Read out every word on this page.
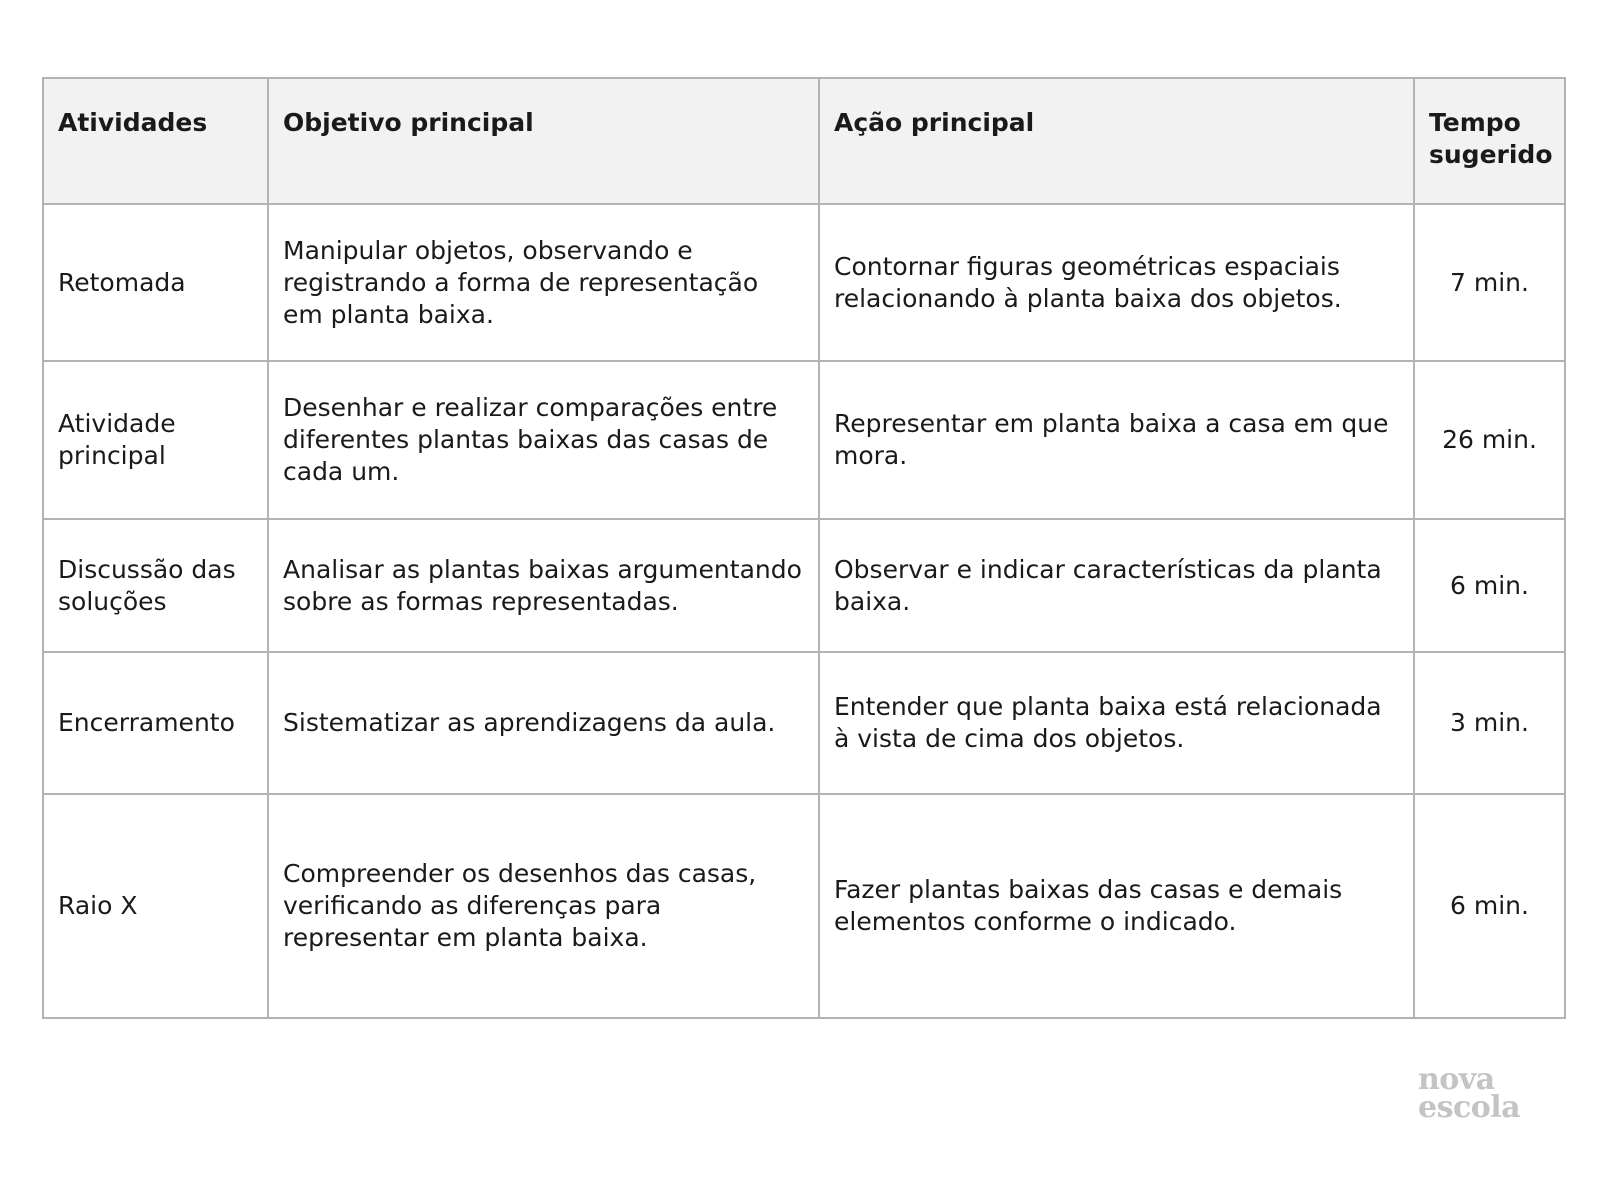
Atividades	Objetivo principal	Ação principal	Tempo sugerido
Retomada	Manipular objetos, observando e registrando a forma de representação em planta baixa.	Contornar figuras geométricas espaciais relacionando à planta baixa dos objetos.	7 min.
Atividade principal	Desenhar e realizar comparações entre diferentes plantas baixas das casas de cada um.	Representar em planta baixa a casa em que mora.	26 min.
Discussão das soluções	Analisar as plantas baixas argumentando sobre as formas representadas.	Observar e indicar características da planta baixa.	6 min.
Encerramento	Sistematizar as aprendizagens da aula.	Entender que planta baixa está relacionada à vista de cima dos objetos.	3 min.
Raio X	Compreender os desenhos das casas, verificando as diferenças para representar em planta baixa.	Fazer plantas baixas das casas e demais elementos conforme o indicado.	6 min.
nova
escola
